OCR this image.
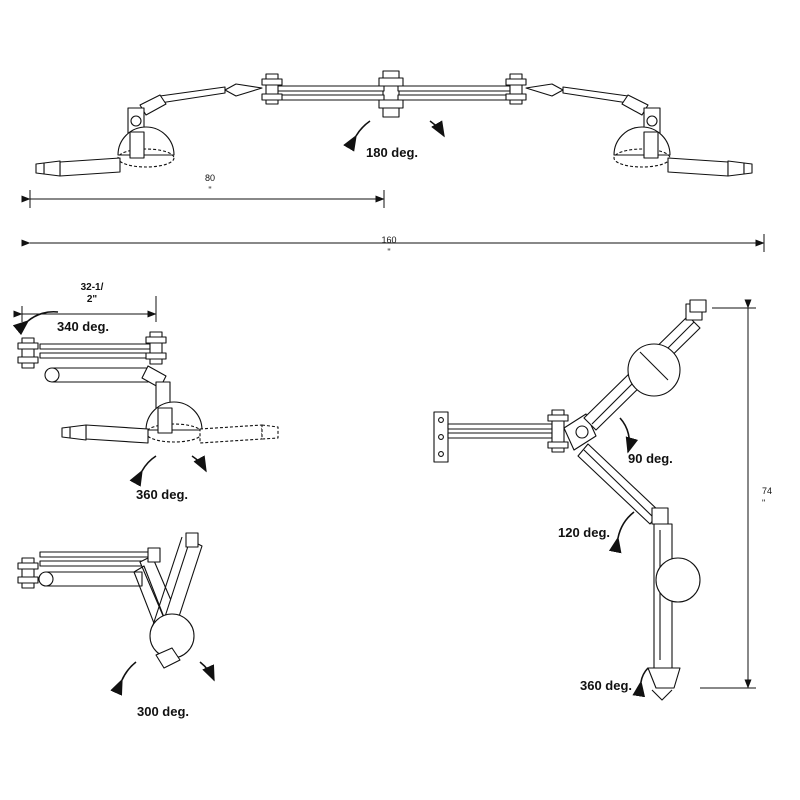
180 deg.
340 deg.
360 deg.
300 deg.
90 deg.
120 deg.
360 deg.
80
"
160
"
32-1/
2"
74
"
